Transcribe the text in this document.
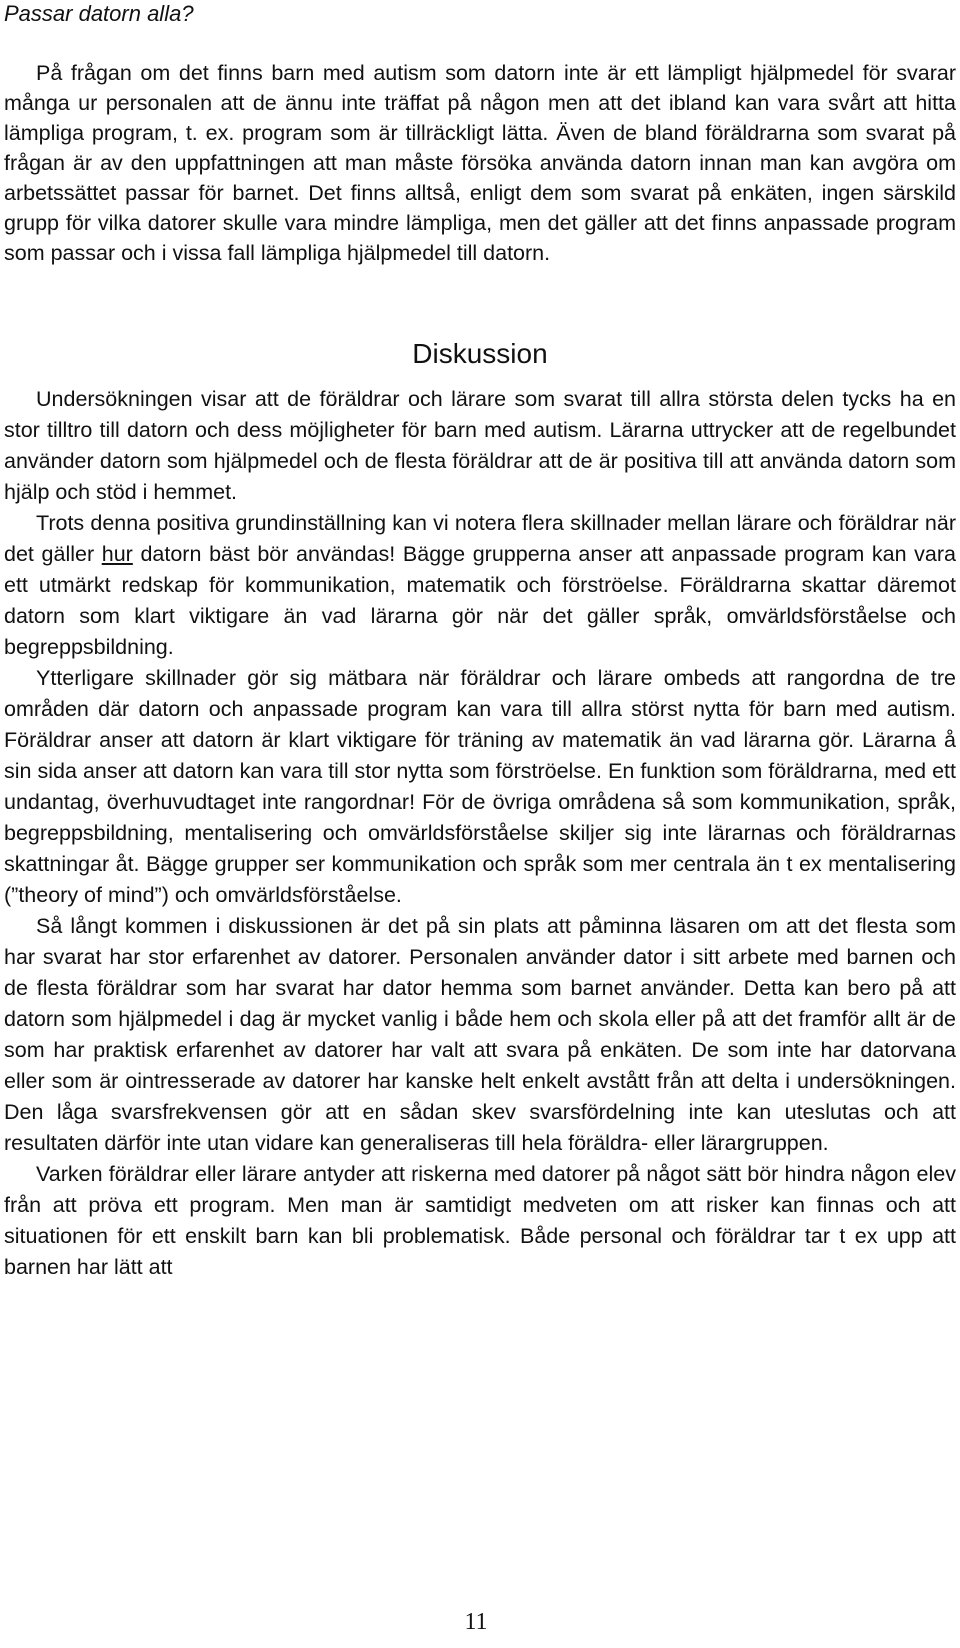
Passar datorn alla?

På frågan om det finns barn med autism som datorn inte är ett lämpligt hjälpmedel för svarar många ur personalen att de ännu inte träffat på någon men att det ibland kan vara svårt att hitta lämpliga program, t. ex. program som är tillräckligt lätta. Även de bland föräldrarna som svarat på frågan är av den uppfattningen att man måste försöka använda datorn innan man kan avgöra om arbetssättet passar för barnet. Det finns alltså, enligt dem som svarat på enkäten, ingen särskild grupp för vilka datorer skulle vara mindre lämpliga, men det gäller att det finns anpassade program som passar och i vissa fall lämpliga hjälpmedel till datorn.

Diskussion

Undersökningen visar att de föräldrar och lärare som svarat till allra största delen tycks ha en stor tilltro till datorn och dess möjligheter för barn med autism. Lärarna uttrycker att de regelbundet använder datorn som hjälpmedel och de flesta föräldrar att de är positiva till att använda datorn som hjälp och stöd i hemmet.

Trots denna positiva grundinställning kan vi notera flera skillnader mellan lärare och föräldrar när det gäller hur datorn bäst bör användas! Bägge grupperna anser att anpassade program kan vara ett utmärkt redskap för kommunikation, matematik och förströelse. Föräldrarna skattar däremot datorn som klart viktigare än vad lärarna gör när det gäller språk, omvärldsförståelse och begreppsbildning.

Ytterligare skillnader gör sig mätbara när föräldrar och lärare ombeds att rangordna de tre områden där datorn och anpassade program kan vara till allra störst nytta för barn med autism. Föräldrar anser att datorn är klart viktigare för träning av matematik än vad lärarna gör. Lärarna å sin sida anser att datorn kan vara till stor nytta som förströelse. En funktion som föräldrarna, med ett undantag, överhuvudtaget inte rangordnar! För de övriga områdena så som kommunikation, språk, begreppsbildning, mentalisering och omvärldsförståelse skiljer sig inte lärarnas och föräldrarnas skattningar åt. Bägge grupper ser kommunikation och språk som mer centrala än t ex mentalisering (”theory of mind”) och omvärldsförståelse.

Så långt kommen i diskussionen är det på sin plats att påminna läsaren om att det flesta som har svarat har stor erfarenhet av datorer. Personalen använder dator i sitt arbete med barnen och de flesta föräldrar som har svarat har dator hemma som barnet använder. Detta kan bero på att datorn som hjälpmedel i dag är mycket vanlig i både hem och skola eller på att det framför allt är de som har praktisk erfarenhet av datorer har valt att svara på enkäten. De som inte har datorvana eller som är ointresserade av datorer har kanske helt enkelt avstått från att delta i undersökningen. Den låga svarsfrekvensen gör att en sådan skev svarsfördelning inte kan uteslutas och att resultaten därför inte utan vidare kan generaliseras till hela föräldra- eller lärargruppen.

Varken föräldrar eller lärare antyder att riskerna med datorer på något sätt bör hindra någon elev från att pröva ett program. Men man är samtidigt medveten om att risker kan finnas och att situationen för ett enskilt barn kan bli problematisk. Både personal och föräldrar tar t ex upp att barnen har lätt att

11
